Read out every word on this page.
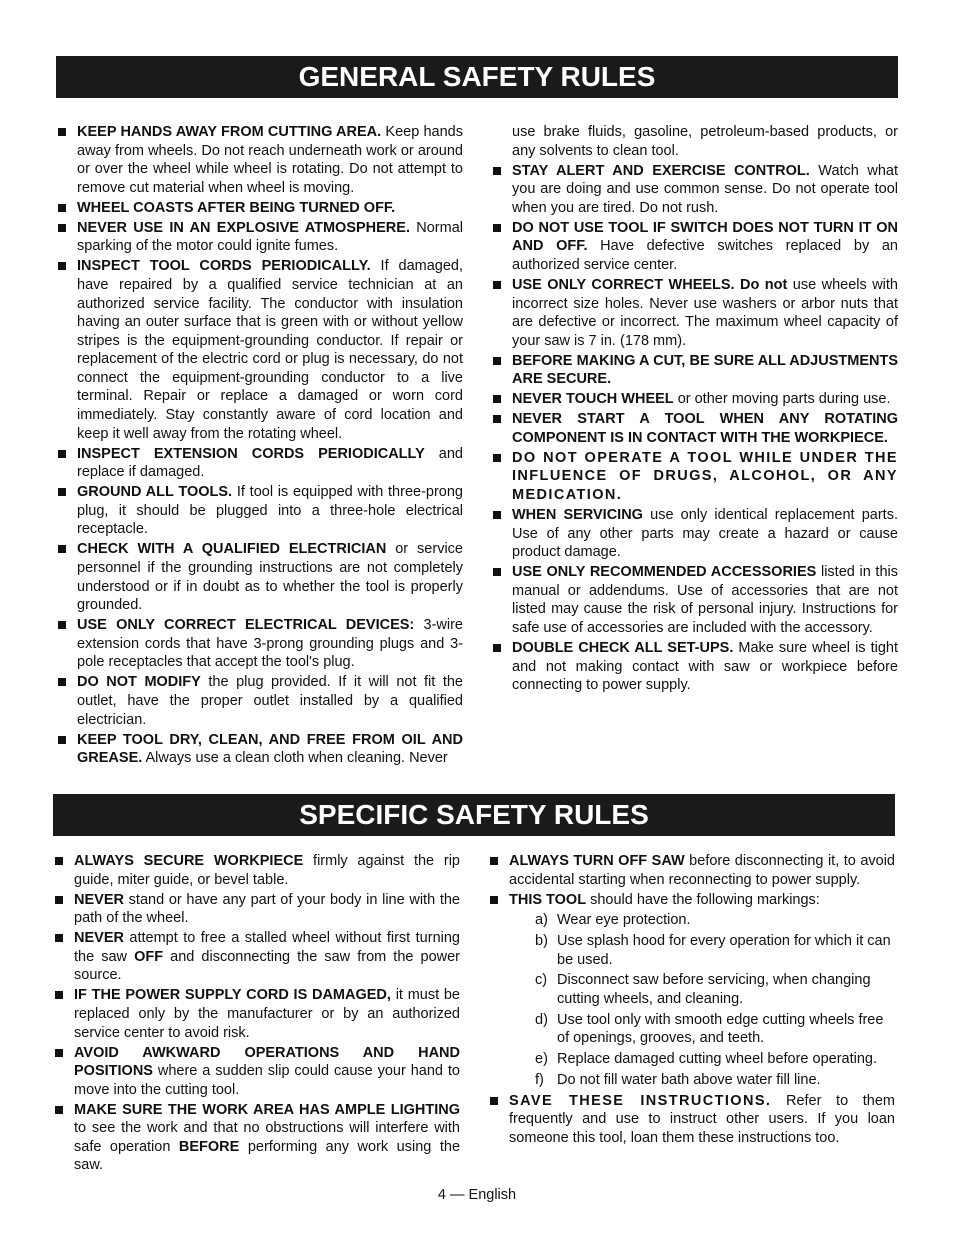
GENERAL SAFETY RULES
KEEP HANDS AWAY FROM CUTTING AREA. Keep hands away from wheels. Do not reach underneath work or around or over the wheel while wheel is rotating. Do not attempt to remove cut material when wheel is moving.
WHEEL COASTS AFTER BEING TURNED OFF.
NEVER USE IN AN EXPLOSIVE ATMOSPHERE. Normal sparking of the motor could ignite fumes.
INSPECT TOOL CORDS PERIODICALLY. If damaged, have repaired by a qualified service technician at an authorized service facility. The conductor with insulation having an outer surface that is green with or without yellow stripes is the equipment-grounding conductor. If repair or replacement of the electric cord or plug is necessary, do not connect the equipment-grounding conductor to a live terminal. Repair or replace a damaged or worn cord immediately. Stay constantly aware of cord location and keep it well away from the rotating wheel.
INSPECT EXTENSION CORDS PERIODICALLY and replace if damaged.
GROUND ALL TOOLS. If tool is equipped with three-prong plug, it should be plugged into a three-hole electrical receptacle.
CHECK WITH A QUALIFIED ELECTRICIAN or service personnel if the grounding instructions are not completely understood or if in doubt as to whether the tool is properly grounded.
USE ONLY CORRECT ELECTRICAL DEVICES: 3-wire extension cords that have 3-prong grounding plugs and 3-pole receptacles that accept the tool's plug.
DO NOT MODIFY the plug provided. If it will not fit the outlet, have the proper outlet installed by a qualified electrician.
KEEP TOOL DRY, CLEAN, AND FREE FROM OIL AND GREASE. Always use a clean cloth when cleaning. Never
use brake fluids, gasoline, petroleum-based products, or any solvents to clean tool.
STAY ALERT AND EXERCISE CONTROL. Watch what you are doing and use common sense. Do not operate tool when you are tired. Do not rush.
DO NOT USE TOOL IF SWITCH DOES NOT TURN IT ON AND OFF. Have defective switches replaced by an authorized service center.
USE ONLY CORRECT WHEELS. Do not use wheels with incorrect size holes. Never use washers or arbor nuts that are defective or incorrect. The maximum wheel capacity of your saw is 7 in. (178 mm).
BEFORE MAKING A CUT, BE SURE ALL ADJUSTMENTS ARE SECURE.
NEVER TOUCH WHEEL or other moving parts during use.
NEVER START A TOOL WHEN ANY ROTATING COMPONENT IS IN CONTACT WITH THE WORKPIECE.
DO NOT OPERATE A TOOL WHILE UNDER THE INFLUENCE OF DRUGS, ALCOHOL, OR ANY MEDICATION.
WHEN SERVICING use only identical replacement parts. Use of any other parts may create a hazard or cause product damage.
USE ONLY RECOMMENDED ACCESSORIES listed in this manual or addendums. Use of accessories that are not listed may cause the risk of personal injury. Instructions for safe use of accessories are included with the accessory.
DOUBLE CHECK ALL SET-UPS. Make sure wheel is tight and not making contact with saw or workpiece before connecting to power supply.
SPECIFIC SAFETY RULES
ALWAYS SECURE WORKPIECE firmly against the rip guide, miter guide, or bevel table.
NEVER stand or have any part of your body in line with the path of the wheel.
NEVER attempt to free a stalled wheel without first turning the saw OFF and disconnecting the saw from the power source.
IF THE POWER SUPPLY CORD IS DAMAGED, it must be replaced only by the manufacturer or by an authorized service center to avoid risk.
AVOID AWKWARD OPERATIONS AND HAND POSITIONS where a sudden slip could cause your hand to move into the cutting tool.
MAKE SURE THE WORK AREA HAS AMPLE LIGHTING to see the work and that no obstructions will interfere with safe operation BEFORE performing any work using the saw.
ALWAYS TURN OFF SAW before disconnecting it, to avoid accidental starting when reconnecting to power supply.
THIS TOOL should have the following markings:
a) Wear eye protection.
b) Use splash hood for every operation for which it can be used.
c) Disconnect saw before servicing, when changing cutting wheels, and cleaning.
d) Use tool only with smooth edge cutting wheels free of openings, grooves, and teeth.
e) Replace damaged cutting wheel before operating.
f) Do not fill water bath above water fill line.
SAVE THESE INSTRUCTIONS. Refer to them frequently and use to instruct other users. If you loan someone this tool, loan them these instructions too.
4 — English
